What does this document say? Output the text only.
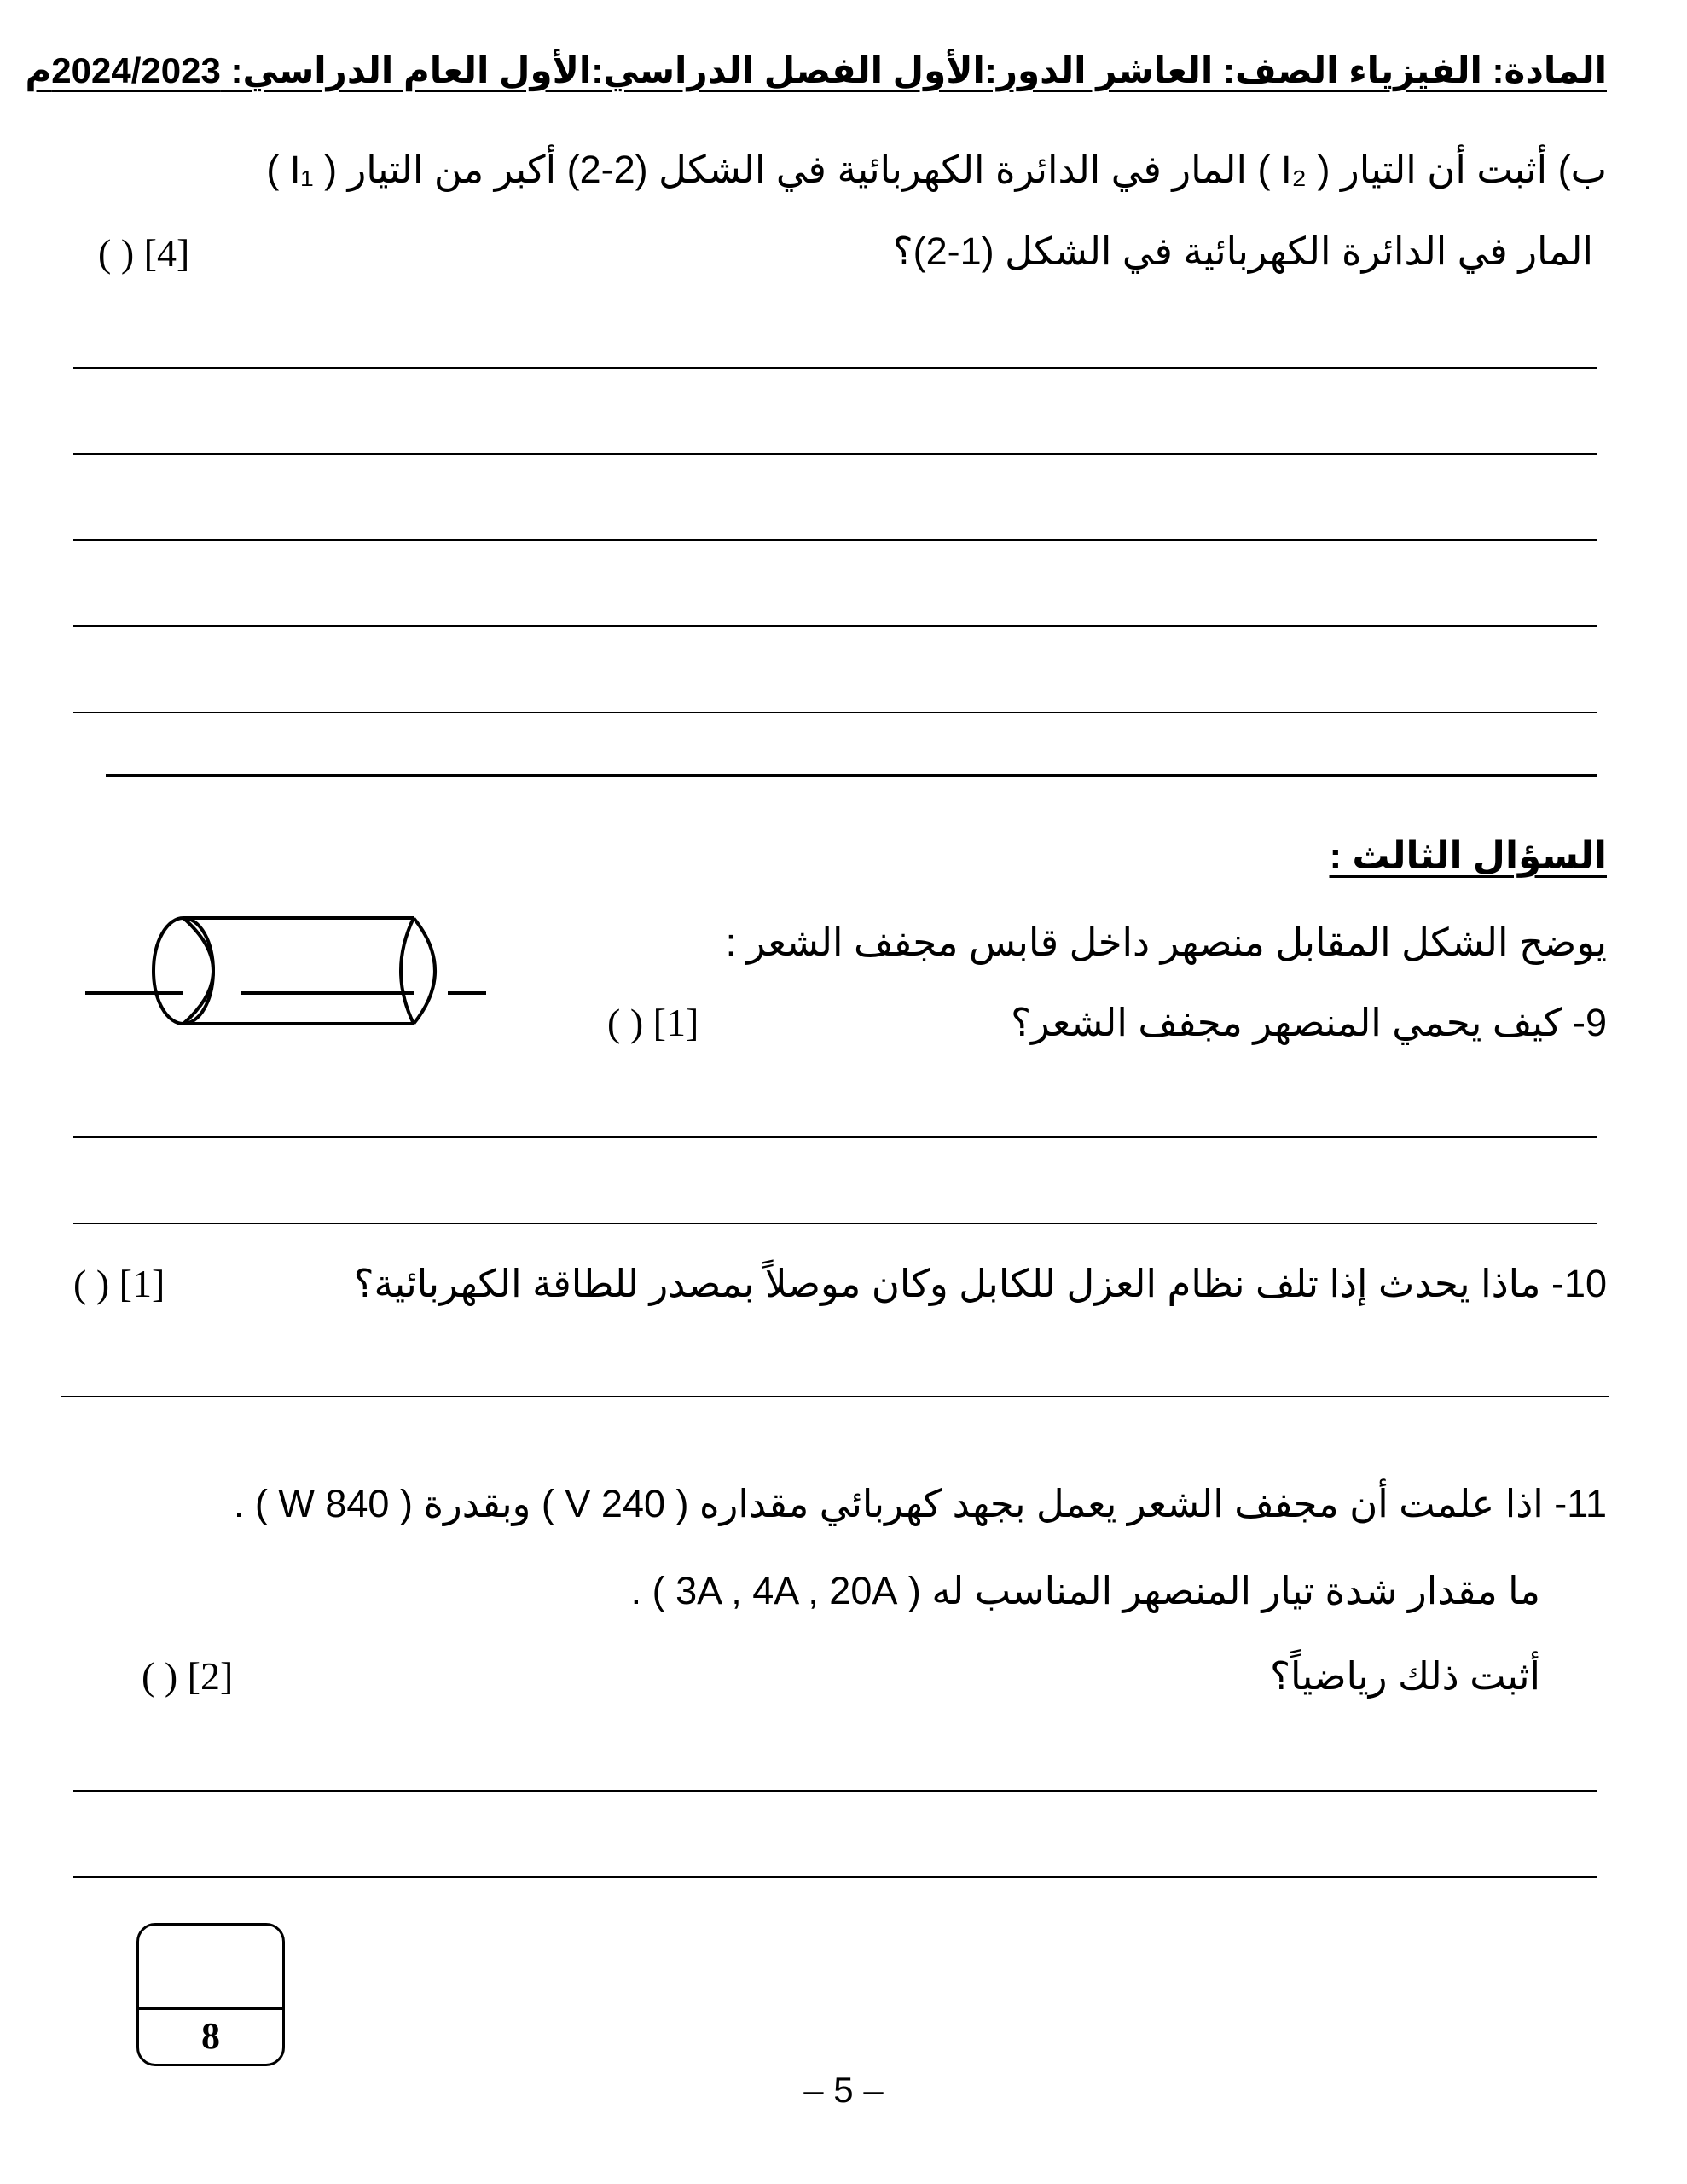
المادة: الفيزياء الصف: العاشر الدور:الأول الفصل الدراسي:الأول العام الدراسي: 2024/2023م
ب) أثبت أن التيار ( I₂ ) المار في الدائرة الكهربائية في الشكل (2-2) أكبر من التيار ( I₁ )
المار في الدائرة الكهربائية في الشكل (1-2)؟
( ) [4]
السؤال الثالث :
يوضح الشكل المقابل منصهر داخل قابس مجفف الشعر :
9- كيف يحمي المنصهر مجفف الشعر؟
( ) [1]
10- ماذا يحدث إذا تلف نظام العزل للكابل وكان موصلاً بمصدر للطاقة الكهربائية؟
( ) [1]
11- اذا علمت أن مجفف الشعر يعمل بجهد كهربائي مقداره ( 240 V ) وبقدرة ( 840 W ) .
ما مقدار شدة تيار المنصهر المناسب له ( 3A , 4A , 20A ) .
أثبت ذلك رياضياً؟
( ) [2]
8
– 5 –
